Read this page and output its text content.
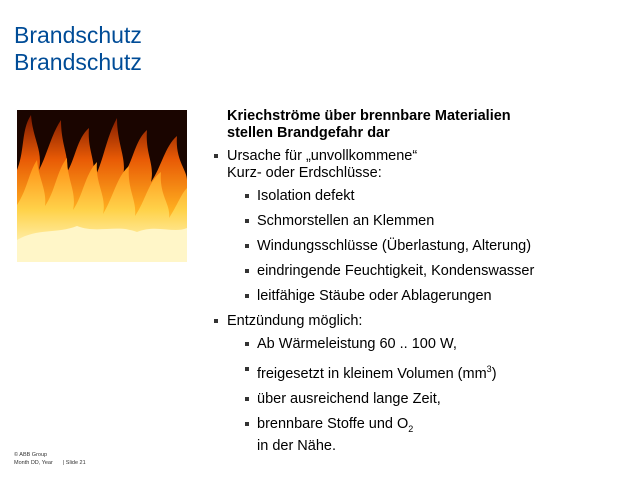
Brandschutz
Brandschutz
Kriechströme über brennbare Materialien
stellen Brandgefahr dar
Ursache für „unvollkommene“
Kurz- oder Erdschlüsse:
Isolation defekt
Schmorstellen an Klemmen
Windungsschlüsse (Überlastung, Alterung)
eindringende Feuchtigkeit, Kondenswasser
leitfähige Stäube oder Ablagerungen
Entzündung möglich:
Ab Wärmeleistung 60 .. 100 W,
freigesetzt in kleinem Volumen $(mm^3)$
über ausreichend lange Zeit,
brennbare Stoffe und $O_2$
in der Nähe.
© ABB Group
Month DD, Year | Slide 21
